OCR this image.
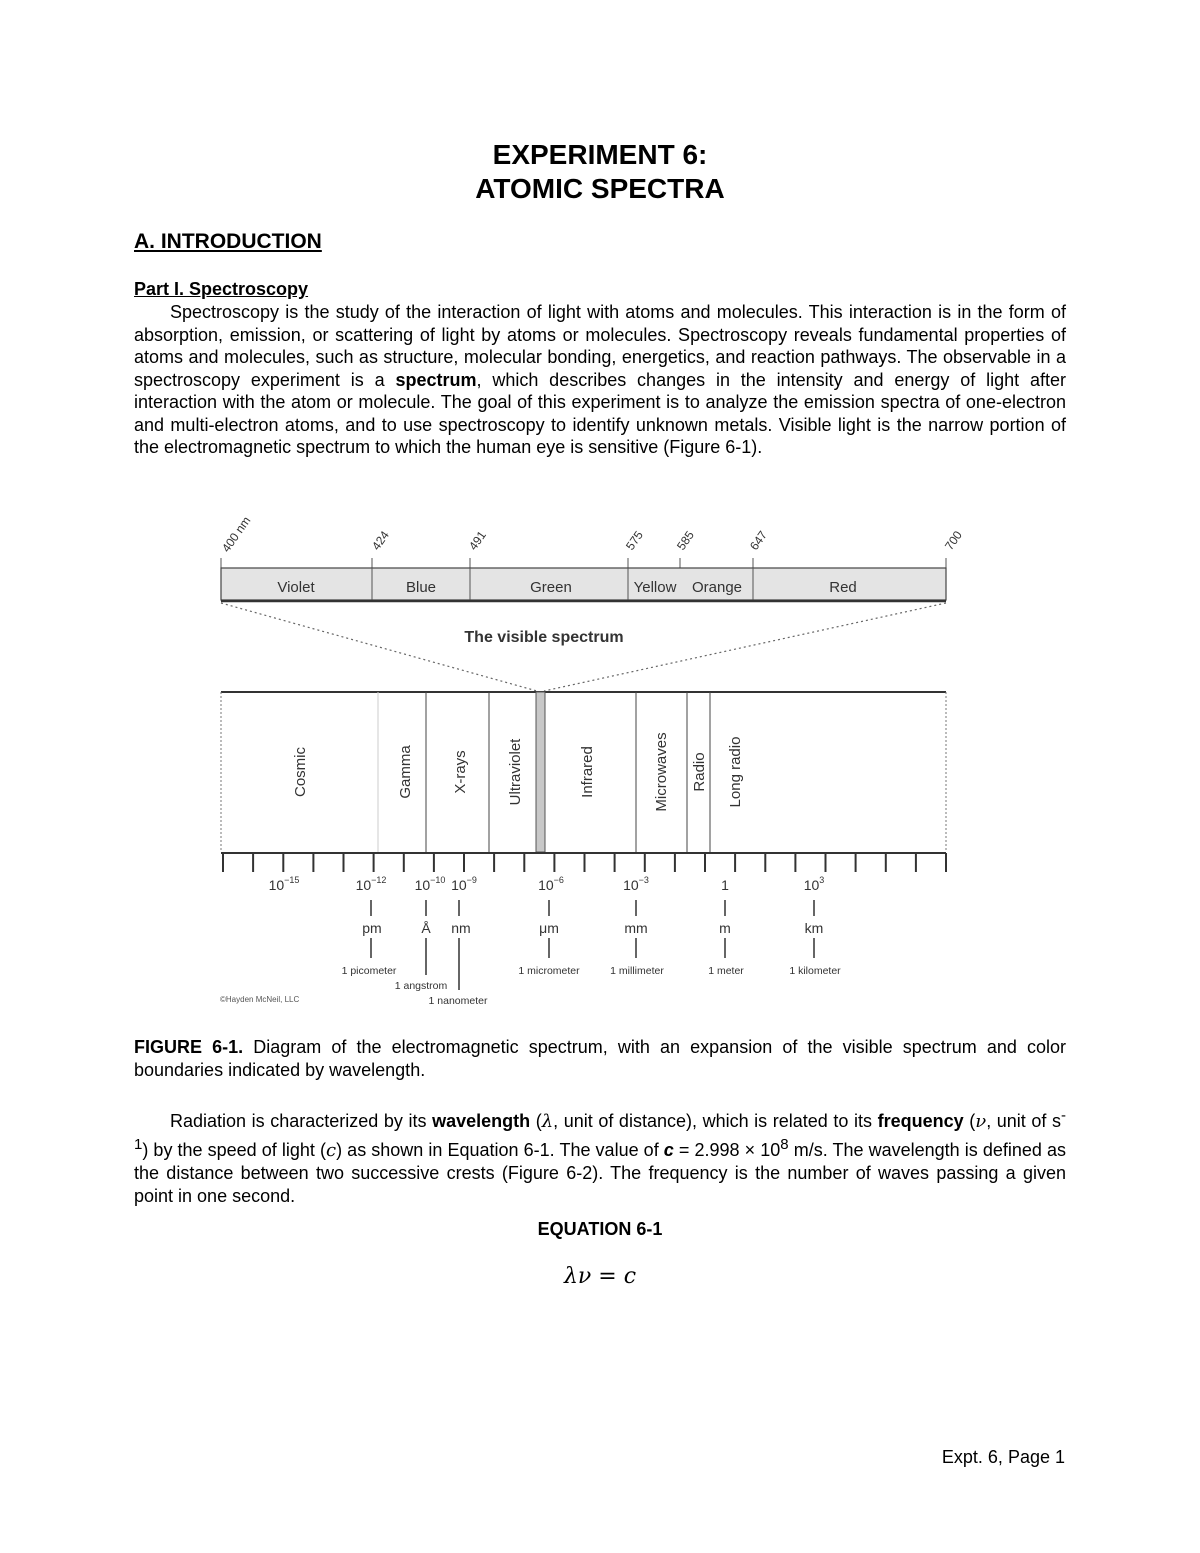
EXPERIMENT 6:
ATOMIC SPECTRA
A. INTRODUCTION
Part I. Spectroscopy
Spectroscopy is the study of the interaction of light with atoms and molecules. This interaction is in the form of absorption, emission, or scattering of light by atoms or molecules. Spectroscopy reveals fundamental properties of atoms and molecules, such as structure, molecular bonding, energetics, and reaction pathways. The observable in a spectroscopy experiment is a spectrum, which describes changes in the intensity and energy of light after interaction with the atom or molecule. The goal of this experiment is to analyze the emission spectra of one-electron and multi-electron atoms, and to use spectroscopy to identify unknown metals. Visible light is the narrow portion of the electromagnetic spectrum to which the human eye is sensitive (Figure 6-1).
400 nm	424	491	575 585	647	700
Violet	Blue	Green	Yellow Orange	Red
The visible spectrum
Cosmic	Gamma	X-rays	Ultraviolet	Infrared	Microwaves Radio Long radio
$10^{-15}$	$10^{-12}$ $10^{-10}$ $10^{-9}$	$10^{-6}$	$10^{-3}$	1	$10^3$
pm	Å nm	μm	mm	m	km
1 picometer
1 angstrom
1 nanometer
1 micrometer	1 millimeter	1 meter	1 kilometer
©Hayden McNeil, LLC
FIGURE 6-1. Diagram of the electromagnetic spectrum, with an expansion of the visible spectrum and color boundaries indicated by wavelength.
Radiation is characterized by its wavelength (λ, unit of distance), which is related to its frequency (ν, unit of $s^{-1}$) by the speed of light (c) as shown in Equation 6-1. The value of $c = 2.998 \times 10^8$ m/s. The wavelength is defined as the distance between two successive crests (Figure 6-2). The frequency is the number of waves passing a given point in one second.
EQUATION 6-1
λν = c
Expt. 6, Page 1
